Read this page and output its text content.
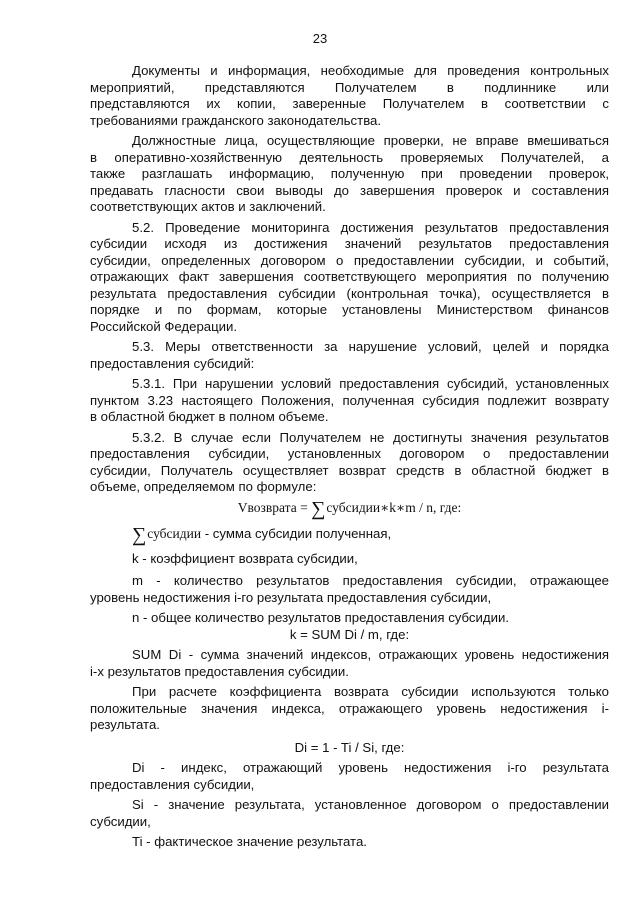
23
Документы и информация, необходимые для проведения контрольных
мероприятий, представляются Получателем в подлиннике или
представляются их копии, заверенные Получателем в соответствии с
требованиями гражданского законодательства.
Должностные лица, осуществляющие проверки, не вправе вмешиваться
в оперативно-хозяйственную деятельность проверяемых Получателей, а
также разглашать информацию, полученную при проведении проверок,
предавать гласности свои выводы до завершения проверок и составления
соответствующих актов и заключений.
5.2. Проведение мониторинга достижения результатов предоставления
субсидии исходя из достижения значений результатов предоставления
субсидии, определенных договором о предоставлении субсидии, и событий,
отражающих факт завершения соответствующего мероприятия по получению
результата предоставления субсидии (контрольная точка), осуществляется в
порядке и по формам, которые установлены Министерством финансов
Российской Федерации.
5.3. Меры ответственности за нарушение условий, целей и порядка
предоставления субсидий:
5.3.1. При нарушении условий предоставления субсидий, установленных
пунктом 3.23 настоящего Положения, полученная субсидия подлежит возврату
в областной бюджет в полном объеме.
5.3.2. В случае если Получателем не достигнуты значения результатов
предоставления субсидии, установленных договором о предоставлении
субсидии, Получатель осуществляет возврат средств в областной бюджет в
объеме, определяемом по формуле:
Vвозврата = ∑субсидии∗k∗m / n, где:
∑субсидии - сумма субсидии полученная,
k - коэффициент возврата субсидии,
m - количество результатов предоставления субсидии, отражающее
уровень недостижения i-го результата предоставления субсидии,
n - общее количество результатов предоставления субсидии.
k = SUM Di / m, где:
SUM Di - сумма значений индексов, отражающих уровень недостижения
i-х результатов предоставления субсидии.
При расчете коэффициента возврата субсидии используются только
положительные значения индекса, отражающего уровень недостижения i-
результата.
Di = 1 - Ti / Si, где:
Di - индекс, отражающий уровень недостижения i-го результата
предоставления субсидии,
Si - значение результата, установленное договором о предоставлении
субсидии,
Ti - фактическое значение результата.
